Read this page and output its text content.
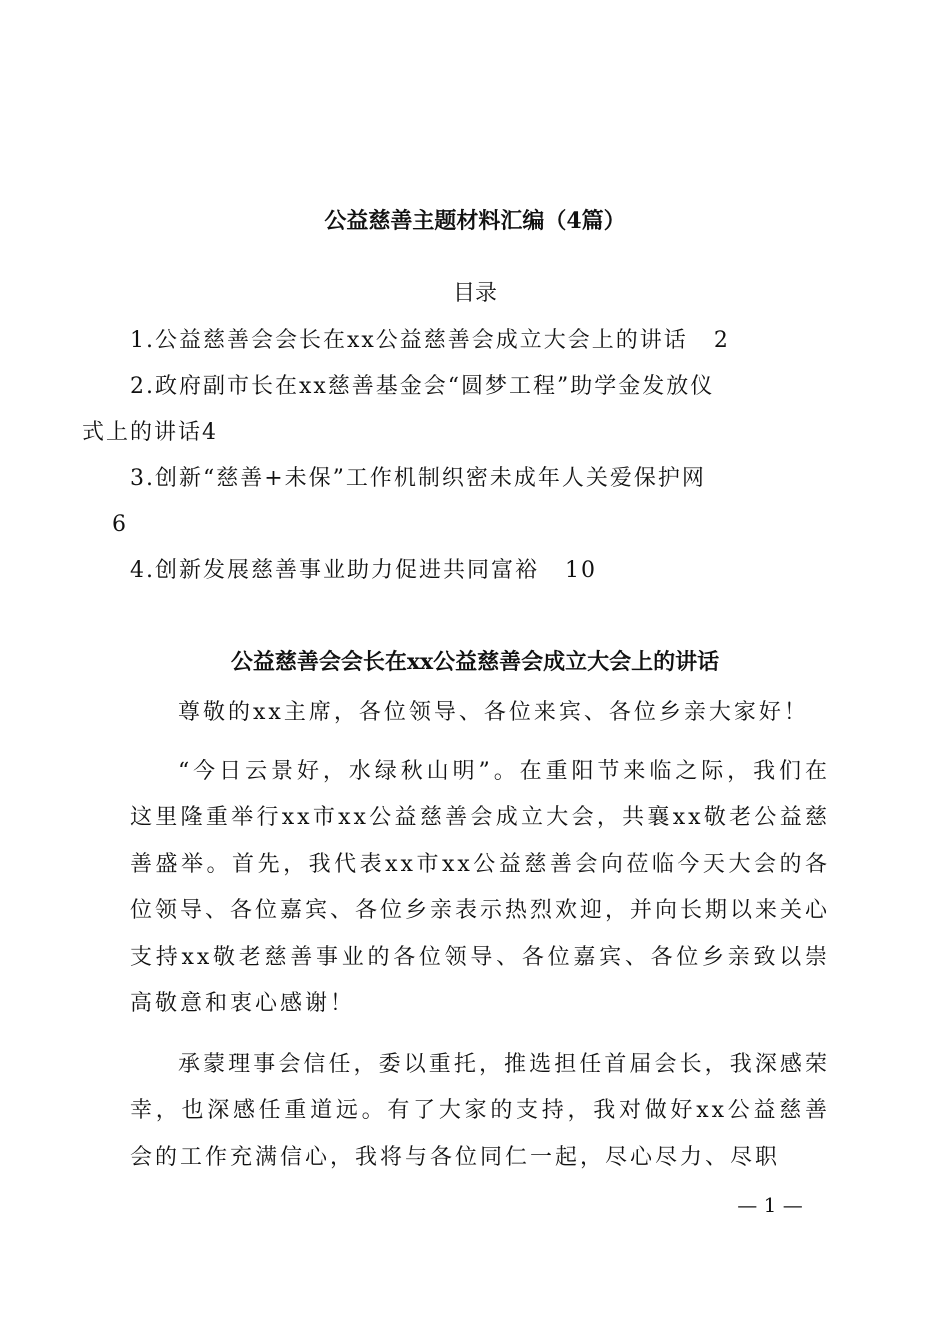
公益慈善主题材料汇编（4篇）
目录
1.公益慈善会会长在xx公益慈善会成立大会上的讲话 2
2.政府副市长在xx慈善基金会“圆梦工程”助学金发放仪
式上的讲话4
3.创新“慈善+未保”工作机制织密未成年人关爱保护网
6
4.创新发展慈善事业助力促进共同富裕 10
公益慈善会会长在xx公益慈善会成立大会上的讲话

尊敬的xx主席，各位领导、各位来宾、各位乡亲大家好！

“今日云景好，水绿秋山明”。在重阳节来临之际，我们在这里隆重举行xx市xx公益慈善会成立大会，共襄xx敬老公益慈善盛举。首先，我代表xx市xx公益慈善会向莅临今天大会的各位领导、各位嘉宾、各位乡亲表示热烈欢迎，并向长期以来关心支持xx敬老慈善事业的各位领导、各位嘉宾、各位乡亲致以崇高敬意和衷心感谢！

承蒙理事会信任，委以重托，推选担任首届会长，我深感荣幸，也深感任重道远。有了大家的支持，我对做好xx公益慈善会的工作充满信心，我将与各位同仁一起，尽心尽力、尽职

— 1 —
